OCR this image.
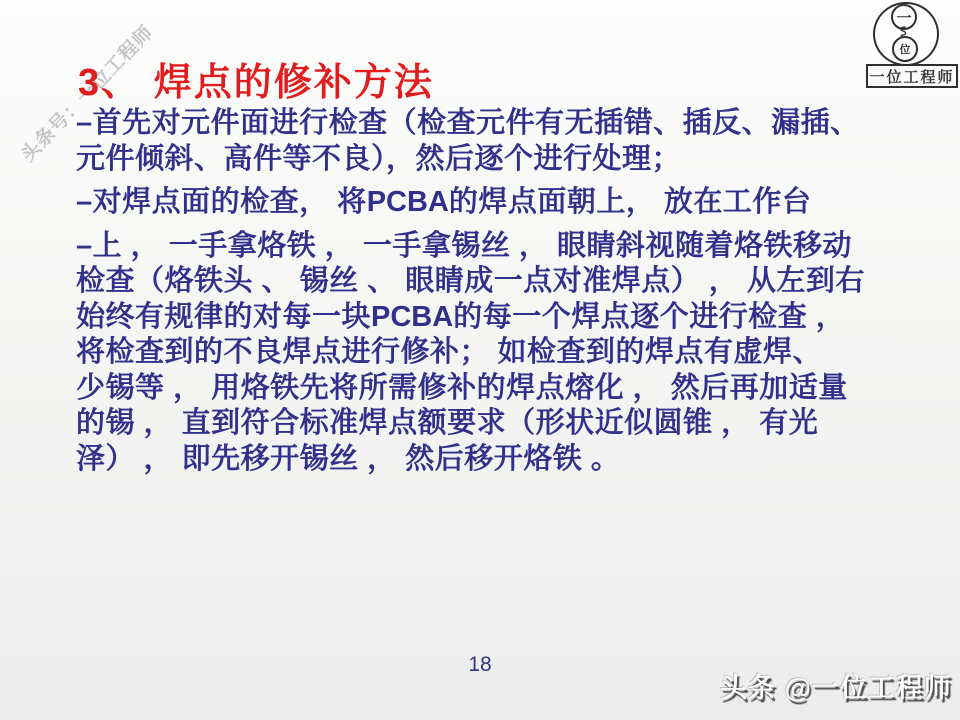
头条号：一位工程师
3、 焊点的修补方法
–首先对元件面进行检查（检查元件有无插错、插反、漏插、
元件倾斜、高件等不良），然后逐个进行处理；
–对焊点面的检查， 将PCBA的焊点面朝上， 放在工作台
–上 ， 一手拿烙铁 ， 一手拿锡丝 ， 眼睛斜视随着烙铁移动
检查（烙铁头 、 锡丝 、 眼睛成一点对准焊点） ， 从左到右
始终有规律的对每一块PCBA的每一个焊点逐个进行检查 ，
将检查到的不良焊点进行修补； 如检查到的焊点有虚焊、
少锡等 ， 用烙铁先将所需修补的焊点熔化 ， 然后再加适量
的锡 ， 直到符合标准焊点额要求（形状近似圆锥 ， 有光
泽） ， 即先移开锡丝 ， 然后移开烙铁 。
18
头条 @一位工程师
一
位
一位工程师
